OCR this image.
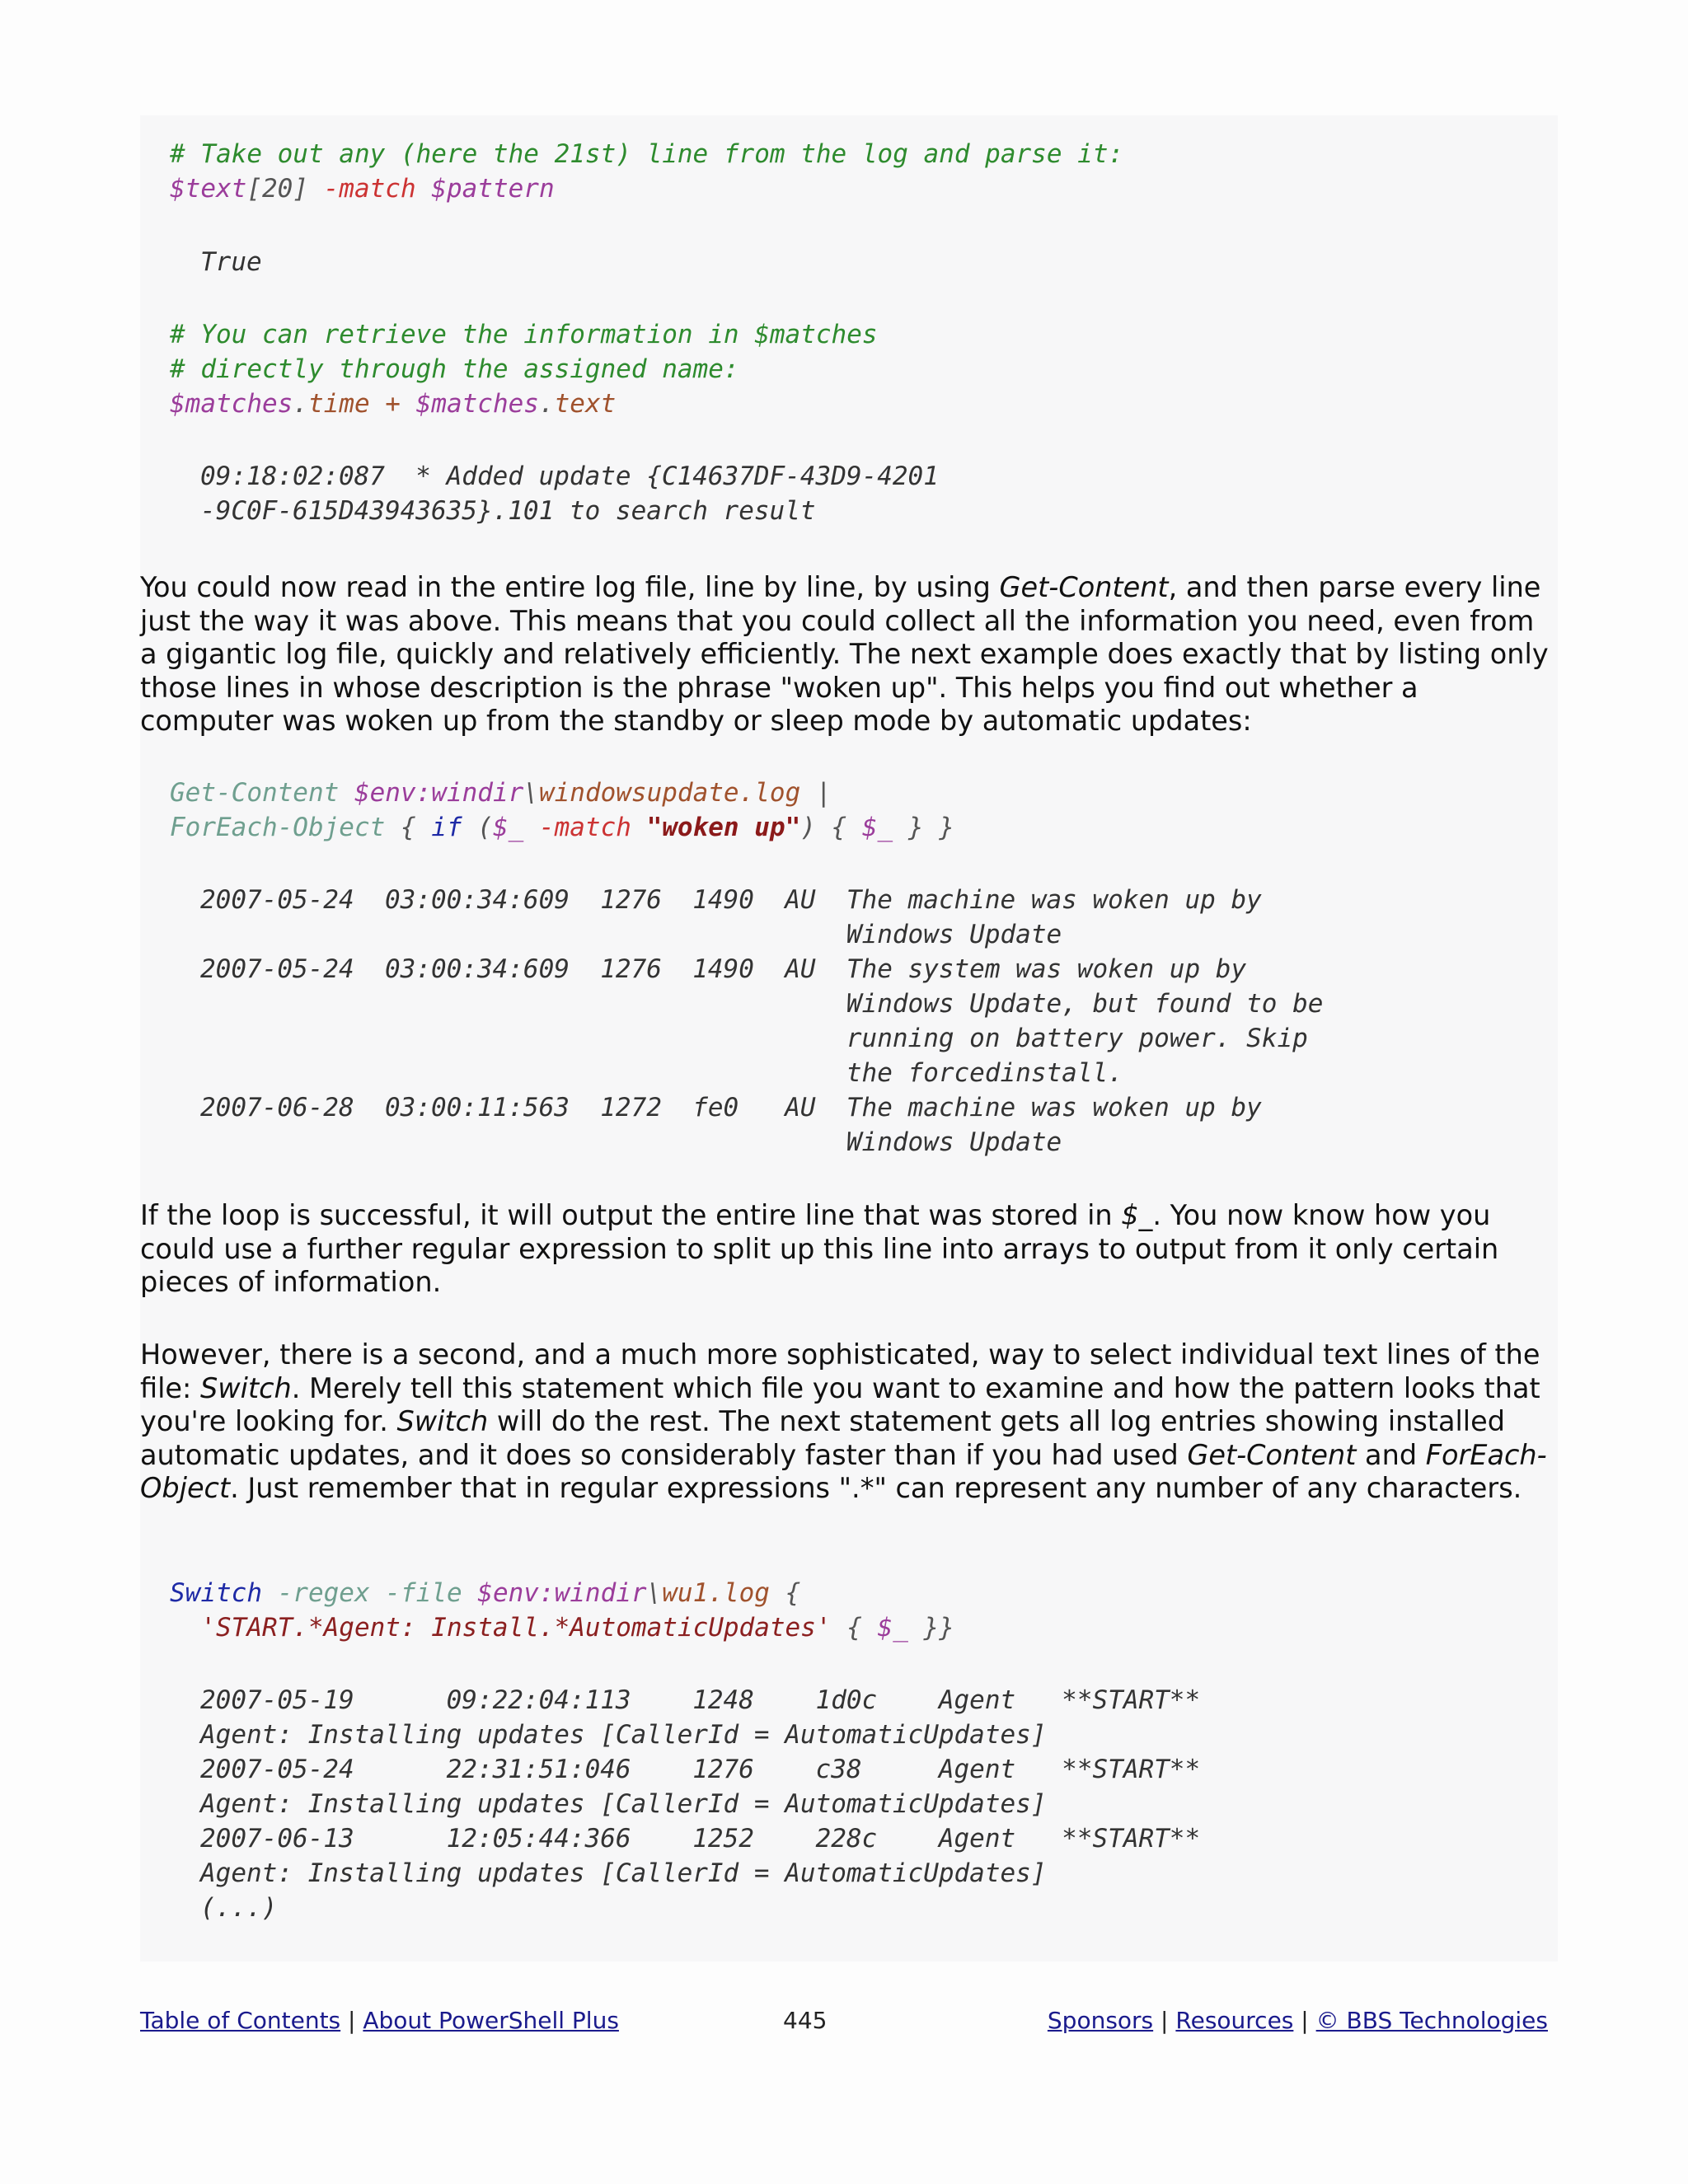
# Take out any (here the 21st) line from the log and parse it:
$text[20] -match $pattern
True
# You can retrieve the information in $matches
# directly through the assigned name:
$matches.time + $matches.text
09:18:02:087  * Added update {C14637DF-43D9-4201
-9C0F-615D43943635}.101 to search result

You could now read in the entire log file, line by line, by using Get-Content, and then parse every line just the way it was above. This means that you could collect all the information you need, even from a gigantic log file, quickly and relatively efficiently. The next example does exactly that by listing only those lines in whose description is the phrase "woken up". This helps you find out whether a computer was woken up from the standby or sleep mode by automatic updates:

Get-Content $env:windir\windowsupdate.log |
ForEach-Object { if ($_ -match "woken up") { $_ } }
2007-05-24  03:00:34:609  1276  1490  AU  The machine was woken up by
Windows Update
2007-05-24  03:00:34:609  1276  1490  AU  The system was woken up by
Windows Update, but found to be
running on battery power. Skip
the forcedinstall.
2007-06-28  03:00:11:563  1272  fe0   AU  The machine was woken up by
Windows Update

If the loop is successful, it will output the entire line that was stored in $_. You now know how you could use a further regular expression to split up this line into arrays to output from it only certain pieces of information.

However, there is a second, and a much more sophisticated, way to select individual text lines of the file: Switch. Merely tell this statement which file you want to examine and how the pattern looks that you're looking for. Switch will do the rest. The next statement gets all log entries showing installed automatic updates, and it does so considerably faster than if you had used Get-Content and ForEach-Object. Just remember that in regular expressions ".*" can represent any number of any characters.

Switch -regex -file $env:windir\wu1.log {
'START.*Agent: Install.*AutomaticUpdates' { $_ }}
2007-05-19      09:22:04:113    1248    1d0c    Agent   **START**
Agent: Installing updates [CallerId = AutomaticUpdates]
2007-05-24      22:31:51:046    1276    c38     Agent   **START**
Agent: Installing updates [CallerId = AutomaticUpdates]
2007-06-13      12:05:44:366    1252    228c    Agent   **START**
Agent: Installing updates [CallerId = AutomaticUpdates]
(...)
Table of Contents | About PowerShell Plus	445	Sponsors | Resources | © BBS Technologies
